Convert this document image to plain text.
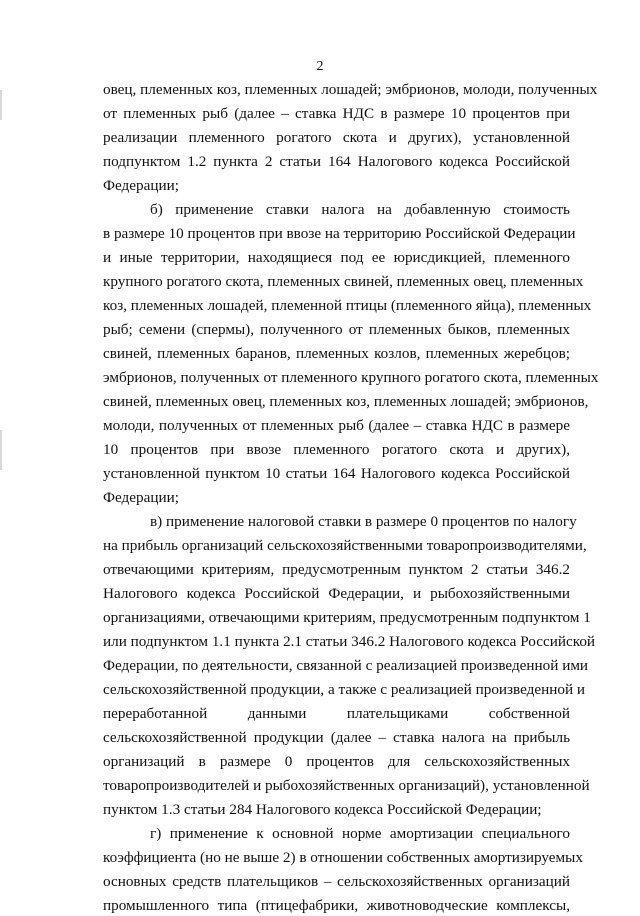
2
овец, племенных коз, племенных лошадей; эмбрионов, молоди, полученных
от племенных рыб (далее – ставка НДС в размере 10 процентов при
реализации племенного рогатого скота и других), установленной
подпунктом 1.2 пункта 2 статьи 164 Налогового кодекса Российской
Федерации;
б) применение ставки налога на добавленную стоимость
в размере 10 процентов при ввозе на территорию Российской Федерации
и иные территории, находящиеся под ее юрисдикцией, племенного
крупного рогатого скота, племенных свиней, племенных овец, племенных
коз, племенных лошадей, племенной птицы (племенного яйца), племенных
рыб; семени (спермы), полученного от племенных быков, племенных
свиней, племенных баранов, племенных козлов, племенных жеребцов;
эмбрионов, полученных от племенного крупного рогатого скота, племенных
свиней, племенных овец, племенных коз, племенных лошадей; эмбрионов,
молоди, полученных от племенных рыб (далее – ставка НДС в размере
10 процентов при ввозе племенного рогатого скота и других),
установленной пунктом 10 статьи 164 Налогового кодекса Российской
Федерации;
в) применение налоговой ставки в размере 0 процентов по налогу
на прибыль организаций сельскохозяйственными товаропроизводителями,
отвечающими критериям, предусмотренным пунктом 2 статьи 346.2
Налогового кодекса Российской Федерации, и рыбохозяйственными
организациями, отвечающими критериям, предусмотренным подпунктом 1
или подпунктом 1.1 пункта 2.1 статьи 346.2 Налогового кодекса Российской
Федерации, по деятельности, связанной с реализацией произведенной ими
сельскохозяйственной продукции, а также с реализацией произведенной и
переработанной данными плательщиками собственной
сельскохозяйственной продукции (далее – ставка налога на прибыль
организаций в размере 0 процентов для сельскохозяйственных
товаропроизводителей и рыбохозяйственных организаций), установленной
пунктом 1.3 статьи 284 Налогового кодекса Российской Федерации;
г) применение к основной норме амортизации специального
коэффициента (но не выше 2) в отношении собственных амортизируемых
основных средств плательщиков – сельскохозяйственных организаций
промышленного типа (птицефабрики, животноводческие комплексы,
